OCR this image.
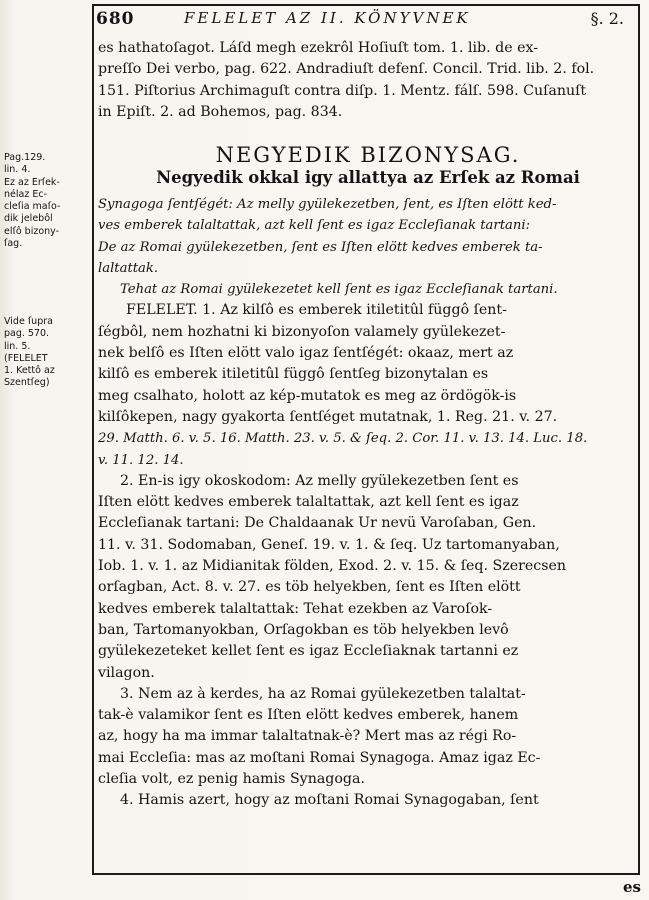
680	FELELET AZ II. KÖNYVNEK	§. 2.
Pag.129.
lin. 4.
Ez az Erſek-
nélaz Ec-
cleſia maſo-
dik jelebôl
elſô bizony-
ſag.
Vide ſupra
pag. 570.
lin. 5.
(FELELET
1. Kettô az
Szentſeg)
es hathatoſagot. Láſd megh ezekrôl Hoſiuſt tom. 1. lib. de ex-
preſſo Dei verbo, pag. 622. Andradiuſt defenſ. Concil. Trid. lib. 2. fol.
151. Piſtorius Archimaguſt contra diſp. 1. Mentz. fálſ. 598. Cuſanuſt
in Epiſt. 2. ad Bohemos, pag. 834.
NEGYEDIK BIZONYSAG.
Negyedik okkal igy allattya az Erſek az Romai
Synagoga ſentſégét: Az melly gyülekezetben, ſent, es Iſten elött ked-
ves emberek talaltattak, azt kell ſent es igaz Eccleſianak tartani:
De az Romai gyülekezetben, ſent es Iſten elött kedves emberek ta-
laltattak.
Tehat az Romai gyülekezetet kell ſent es igaz Eccleſianak tartani.
FELELET. 1. Az kilſô es emberek itiletitûl függô ſent-
ſégbôl, nem hozhatni ki bizonyoſon valamely gyülekezet-
nek belſô es Iſten elött valo igaz ſentſégét: okaaz, mert az
kilſô es emberek itiletitûl függô ſentſeg bizonytalan es
meg csalhato, holott az kép-mutatok es meg az ördögök-is
kilſôkepen, nagy gyakorta ſentſéget mutatnak, 1. Reg. 21. v. 27.
29. Matth. 6. v. 5. 16. Matth. 23. v. 5. & ſeq. 2. Cor. 11. v. 13. 14. Luc. 18.
v. 11. 12. 14.
2. En-is igy okoskodom: Az melly gyülekezetben ſent es
Iſten elött kedves emberek talaltattak, azt kell ſent es igaz
Eccleſianak tartani: De Chaldaanak Ur nevü Varoſaban, Gen.
11. v. 31. Sodomaban, Geneſ. 19. v. 1. & ſeq. Uz tartomanyaban,
Iob. 1. v. 1. az Midianitak földen, Exod. 2. v. 15. & ſeq. Szerecsen
orſagban, Act. 8. v. 27. es töb helyekben, ſent es Iſten elött
kedves emberek talaltattak: Tehat ezekben az Varoſok-
ban, Tartomanyokban, Orſagokban es töb helyekben levô
gyülekezeteket kellet ſent es igaz Eccleſiaknak tartanni ez
vilagon.
3. Nem az à kerdes, ha az Romai gyülekezetben talaltat-
tak-è valamikor ſent es Iſten elött kedves emberek, hanem
az, hogy ha ma immar talaltatnak-è? Mert mas az régi Ro-
mai Eccleſia: mas az moſtani Romai Synagoga. Amaz igaz Ec-
cleſia volt, ez penig hamis Synagoga.
4. Hamis azert, hogy az moſtani Romai Synagogaban, ſent
es
